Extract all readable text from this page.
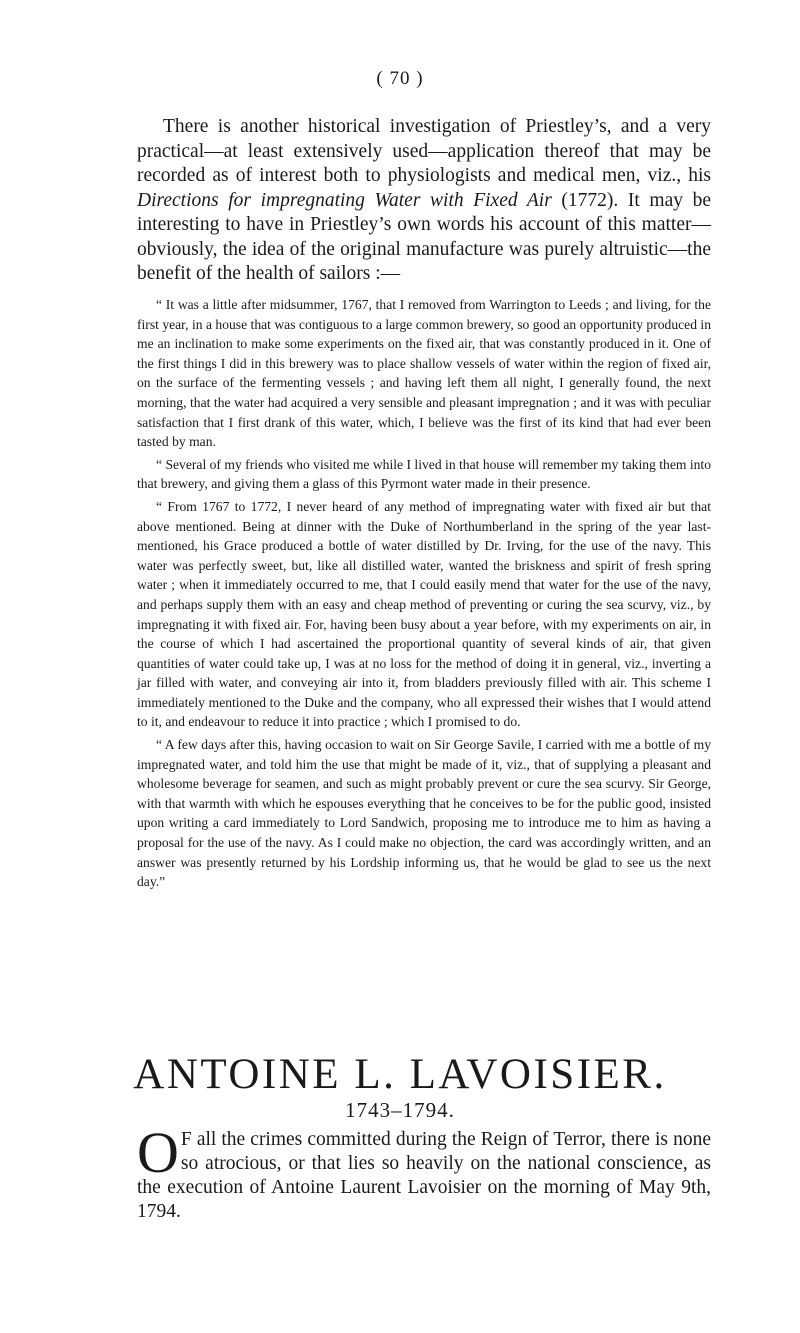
( 70 )

There is another historical investigation of Priestley’s, and a very practical—at least extensively used—application thereof that may be recorded as of interest both to physiologists and medical men, viz., his Directions for impregnating Water with Fixed Air (1772). It may be interesting to have in Priestley’s own words his account of this matter—obviously, the idea of the original manufacture was purely altruistic—the benefit of the health of sailors :—

“ It was a little after midsummer, 1767, that I removed from Warrington to Leeds ; and living, for the first year, in a house that was contiguous to a large common brewery, so good an opportunity produced in me an inclination to make some experiments on the fixed air, that was constantly produced in it. One of the first things I did in this brewery was to place shallow vessels of water within the region of fixed air, on the surface of the fermenting vessels ; and having left them all night, I generally found, the next morning, that the water had acquired a very sensible and pleasant impregnation ; and it was with peculiar satisfaction that I first drank of this water, which, I believe was the first of its kind that had ever been tasted by man.

“ Several of my friends who visited me while I lived in that house will remember my taking them into that brewery, and giving them a glass of this Pyrmont water made in their presence.

“ From 1767 to 1772, I never heard of any method of impregnating water with fixed air but that above mentioned. Being at dinner with the Duke of Northumberland in the spring of the year last-mentioned, his Grace produced a bottle of water distilled by Dr. Irving, for the use of the navy. This water was perfectly sweet, but, like all distilled water, wanted the briskness and spirit of fresh spring water ; when it immediately occurred to me, that I could easily mend that water for the use of the navy, and perhaps supply them with an easy and cheap method of preventing or curing the sea scurvy, viz., by impregnating it with fixed air. For, having been busy about a year before, with my experiments on air, in the course of which I had ascertained the proportional quantity of several kinds of air, that given quantities of water could take up, I was at no loss for the method of doing it in general, viz., inverting a jar filled with water, and conveying air into it, from bladders previously filled with air. This scheme I immediately mentioned to the Duke and the company, who all expressed their wishes that I would attend to it, and endeavour to reduce it into practice ; which I promised to do.

“ A few days after this, having occasion to wait on Sir George Savile, I carried with me a bottle of my impregnated water, and told him the use that might be made of it, viz., that of supplying a pleasant and wholesome beverage for seamen, and such as might probably prevent or cure the sea scurvy. Sir George, with that warmth with which he espouses everything that he conceives to be for the public good, insisted upon writing a card immediately to Lord Sandwich, proposing me to introduce me to him as having a proposal for the use of the navy. As I could make no objection, the card was accordingly written, and an answer was presently returned by his Lordship informing us, that he would be glad to see us the next day.”

ANTOINE L. LAVOISIER.
1743–1794.

O F all the crimes committed during the Reign of Terror, there is none so atrocious, or that lies so heavily on the national conscience, as the execution of Antoine Laurent Lavoisier on the morning of May 9th, 1794.
